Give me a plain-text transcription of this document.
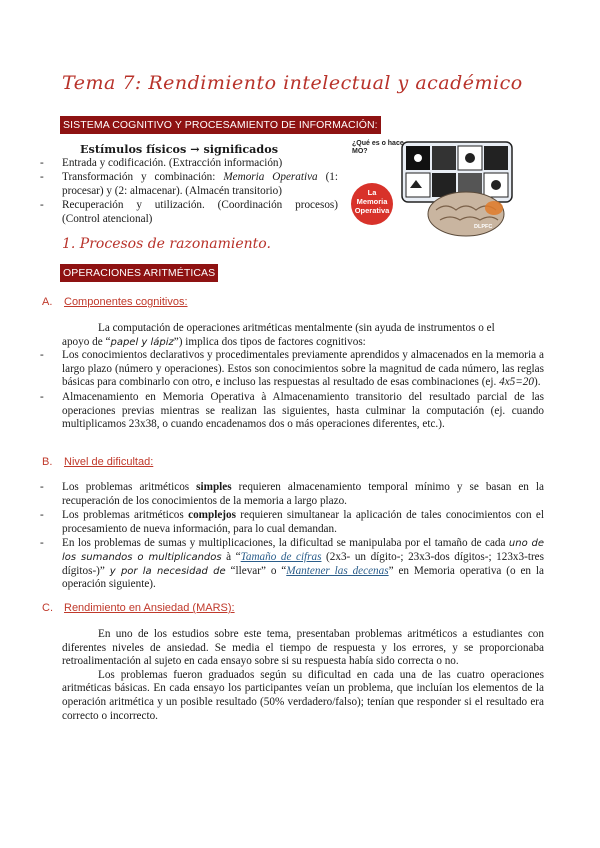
Tema 7: Rendimiento intelectual y académico
SISTEMA COGNITIVO Y PROCESAMIENTO DE INFORMACIÓN:
Estímulos físicos → significados
- Entrada y codificación. (Extracción información)
- Transformación y combinación: Memoria Operativa (1: procesar) y (2: almacenar). (Almacén transitorio)
- Recuperación y utilización. (Coordinación procesos) (Control atencional)
¿Qué es o hace MO?
La
Memoria
Operativa
DLPFC
1. Procesos de razonamiento.
OPERACIONES ARITMÉTICAS
A. Componentes cognitivos:
La computación de operaciones aritméticas mentalmente (sin ayuda de instrumentos o el
apoyo de “papel y lápiz”) implica dos tipos de factores cognitivos:
- Los conocimientos declarativos y procedimentales previamente aprendidos y almacenados en la memoria a largo plazo (número y operaciones). Estos son conocimientos sobre la magnitud de cada número, las reglas básicas para combinarlo con otro, e incluso las respuestas al resultado de esas combinaciones (ej. 4x5=20).
- Almacenamiento en Memoria Operativa à Almacenamiento transitorio del resultado parcial de las operaciones previas mientras se realizan las siguientes, hasta culminar la computación (ej. cuando multiplicamos 23x38, o cuando encadenamos dos o más operaciones diferentes, etc.).
B. Nivel de dificultad:
- Los problemas aritméticos simples requieren almacenamiento temporal mínimo y se basan en la recuperación de los conocimientos de la memoria a largo plazo.
- Los problemas aritméticos complejos requieren simultanear la aplicación de tales conocimientos con el procesamiento de nueva información, para lo cual demandan.
- En los problemas de sumas y multiplicaciones, la dificultad se manipulaba por el tamaño de cada uno de los sumandos o multiplicandos à “Tamaño de cifras (2x3- un dígito-; 23x3-dos dígitos-; 123x3-tres dígitos-)” y por la necesidad de “llevar” o “Mantener las decenas” en Memoria operativa (o en la operación siguiente).
C. Rendimiento en Ansiedad (MARS):
En uno de los estudios sobre este tema, presentaban problemas aritméticos a estudiantes con diferentes niveles de ansiedad. Se media el tiempo de respuesta y los errores, y se proporcionaba retroalimentación al sujeto en cada ensayo sobre si su respuesta había sido correcta o no.
Los problemas fueron graduados según su dificultad en cada una de las cuatro operaciones aritméticas básicas. En cada ensayo los participantes veían un problema, que incluían los elementos de la operación aritmética y un posible resultado (50% verdadero/falso); tenían que responder si el resultado era correcto o incorrecto.
